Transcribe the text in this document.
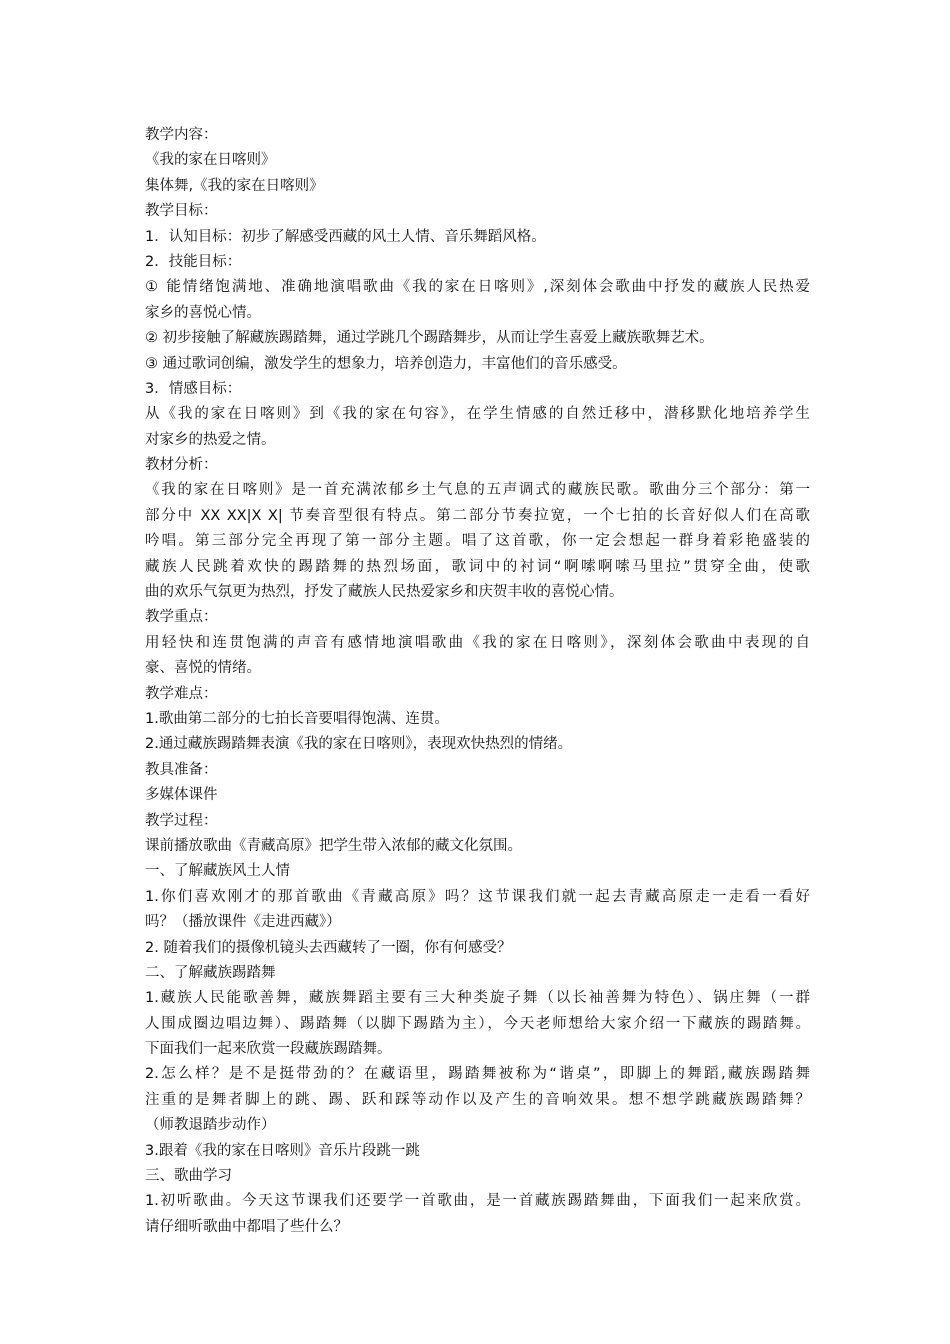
教学内容：
《我的家在日喀则》
集体舞,《我的家在日喀则》
教学目标：
1．认知目标：初步了解感受西藏的风土人情、音乐舞蹈风格。
2．技能目标：
① 能情绪饱满地、准确地演唱歌曲《我的家在日喀则》,深刻体会歌曲中抒发的藏族人民热爱
家乡的喜悦心情。
② 初步接触了解藏族踢踏舞，通过学跳几个踢踏舞步，从而让学生喜爱上藏族歌舞艺术。
③ 通过歌词创编，激发学生的想象力，培养创造力，丰富他们的音乐感受。
3．情感目标：
从《我的家在日喀则》到《我的家在句容》，在学生情感的自然迁移中，潜移默化地培养学生
对家乡的热爱之情。
教材分析：
《我的家在日喀则》是一首充满浓郁乡土气息的五声调式的藏族民歌。歌曲分三个部分：第一
部分中 XX XX|X X| 节奏音型很有特点。第二部分节奏拉宽，一个七拍的长音好似人们在高歌
吟唱。第三部分完全再现了第一部分主题。唱了这首歌，你一定会想起一群身着彩艳盛装的
藏族人民跳着欢快的踢踏舞的热烈场面，歌词中的衬词“啊嗦啊嗦马里拉”贯穿全曲，使歌
曲的欢乐气氛更为热烈，抒发了藏族人民热爱家乡和庆贺丰收的喜悦心情。
教学重点：
用轻快和连贯饱满的声音有感情地演唱歌曲《我的家在日喀则》，深刻体会歌曲中表现的自
豪、喜悦的情绪。
教学难点：
1.歌曲第二部分的七拍长音要唱得饱满、连贯。
2.通过藏族踢踏舞表演《我的家在日喀则》，表现欢快热烈的情绪。
教具准备：
多媒体课件
教学过程：
课前播放歌曲《青藏高原》把学生带入浓郁的藏文化氛围。
一、了解藏族风土人情
1.你们喜欢刚才的那首歌曲《青藏高原》吗？这节课我们就一起去青藏高原走一走看一看好
吗？（播放课件《走进西藏》）
2. 随着我们的摄像机镜头去西藏转了一圈，你有何感受？
二、了解藏族踢踏舞
1.藏族人民能歌善舞，藏族舞蹈主要有三大种类旋子舞（以长袖善舞为特色）、锅庄舞（一群
人围成圈边唱边舞）、踢踏舞（以脚下踢踏为主），今天老师想给大家介绍一下藏族的踢踏舞。
下面我们一起来欣赏一段藏族踢踏舞。
2.怎么样？是不是挺带劲的？在藏语里，踢踏舞被称为“谐桌”，即脚上的舞蹈,藏族踢踏舞
注重的是舞者脚上的跳、踢、跃和踩等动作以及产生的音响效果。想不想学跳藏族踢踏舞？
（师教退踏步动作）
3.跟着《我的家在日喀则》音乐片段跳一跳
三、歌曲学习
1.初听歌曲。今天这节课我们还要学一首歌曲，是一首藏族踢踏舞曲，下面我们一起来欣赏。
请仔细听歌曲中都唱了些什么？
